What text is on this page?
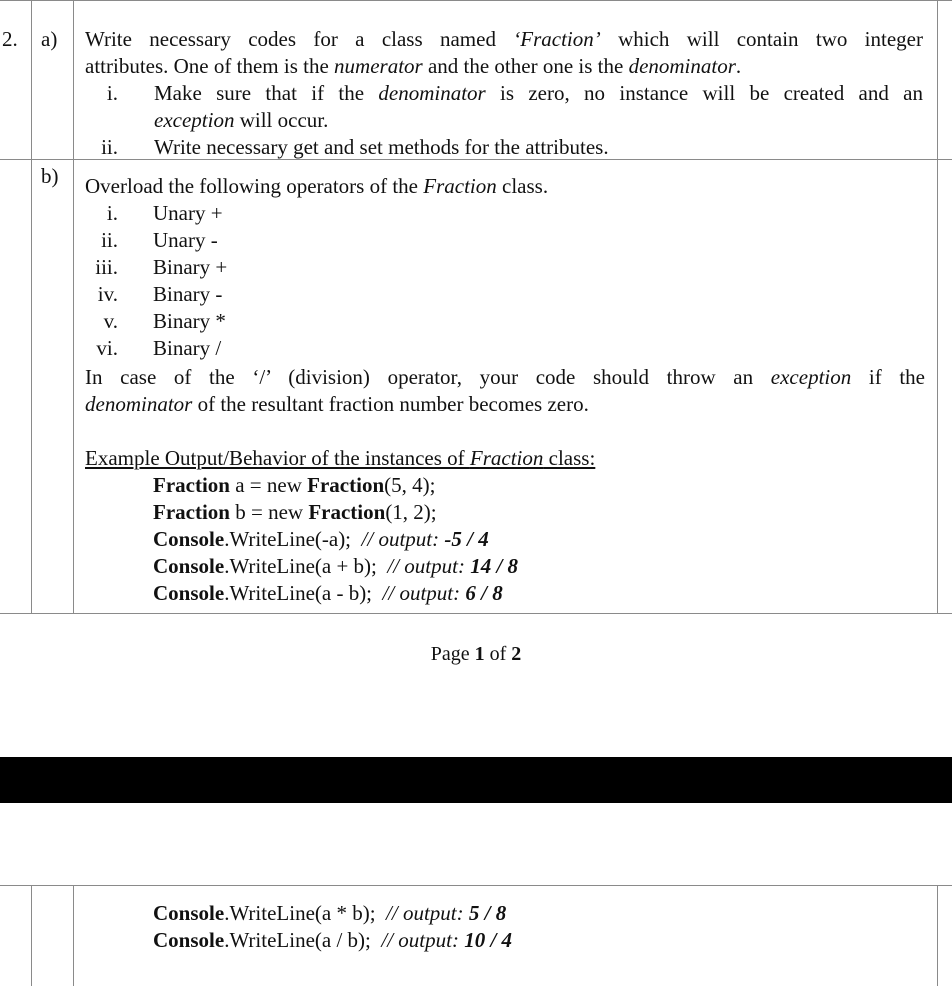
2. a) Write necessary codes for a class named ‘Fraction’ which will contain two integer
attributes. One of them is the numerator and the other one is the denominator.
i. Make sure that if the denominator is zero, no instance will be created and an
exception will occur.
ii. Write necessary get and set methods for the attributes.
b) Overload the following operators of the Fraction class.
i. Unary +
ii. Unary -
iii. Binary +
iv. Binary -
v. Binary *
vi. Binary /
In case of the ‘/’ (division) operator, your code should throw an exception if the
denominator of the resultant fraction number becomes zero.
Example Output/Behavior of the instances of Fraction class:
Fraction a = new Fraction(5, 4);
Fraction b = new Fraction(1, 2);
Console.WriteLine(-a);  // output: -5 / 4
Console.WriteLine(a + b);  // output: 14 / 8
Console.WriteLine(a - b);  // output: 6 / 8
Page 1 of 2
Console.WriteLine(a * b);  // output: 5 / 8
Console.WriteLine(a / b);  // output: 10 / 4
